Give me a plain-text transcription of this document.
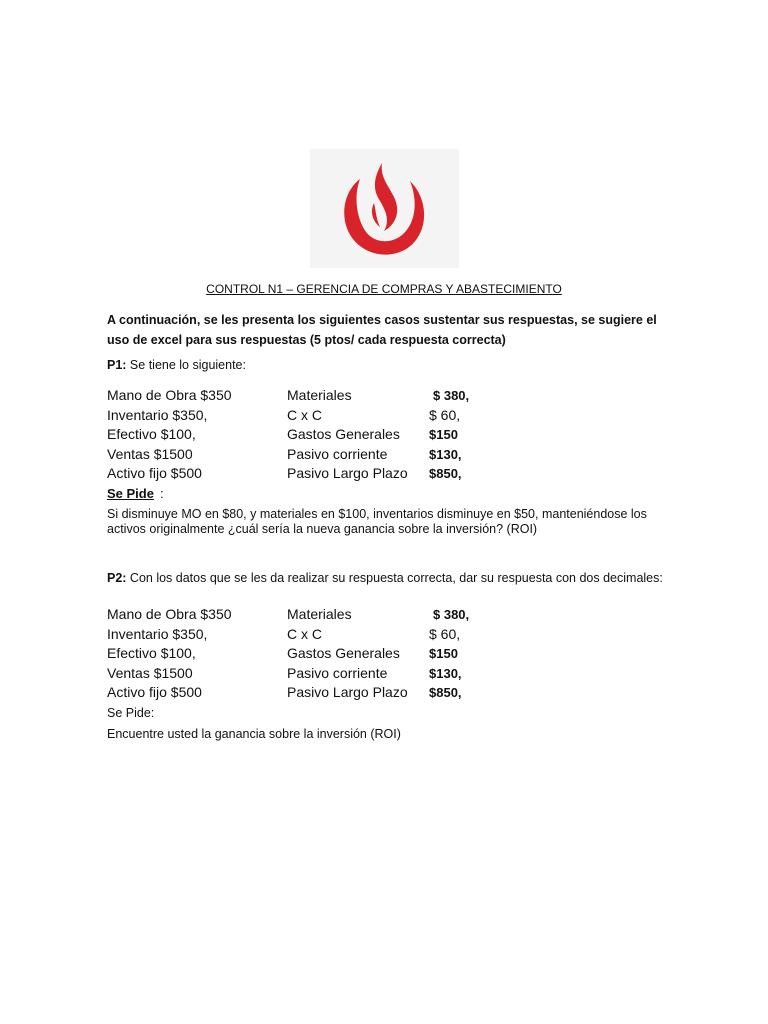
CONTROL N1 – GERENCIA DE COMPRAS Y ABASTECIMIENTO
A continuación, se les presenta los siguientes casos sustentar sus respuestas, se sugiere el uso de excel para sus respuestas (5 ptos/ cada respuesta correcta)
P1: Se tiene lo siguiente:
Mano de Obra $350	Materiales	$ 380,
Inventario $350,	C x C	$ 60,
Efectivo $100,	Gastos Generales $150
Ventas $1500	Pasivo corriente	$130,
Activo fijo $500	Pasivo Largo Plazo $850,
Se Pide :
Si disminuye MO en $80, y materiales en $100, inventarios disminuye en $50, manteniéndose los activos originalmente ¿cuál sería la nueva ganancia sobre la inversión? (ROI)
P2: Con los datos que se les da realizar su respuesta correcta, dar su respuesta con dos decimales:
Mano de Obra $350	Materiales	$ 380,
Inventario $350,	C x C	$ 60,
Efectivo $100,	Gastos Generales $150
Ventas $1500	Pasivo corriente	$130,
Activo fijo $500	Pasivo Largo Plazo $850,
Se Pide:
Encuentre usted la ganancia sobre la inversión (ROI)
